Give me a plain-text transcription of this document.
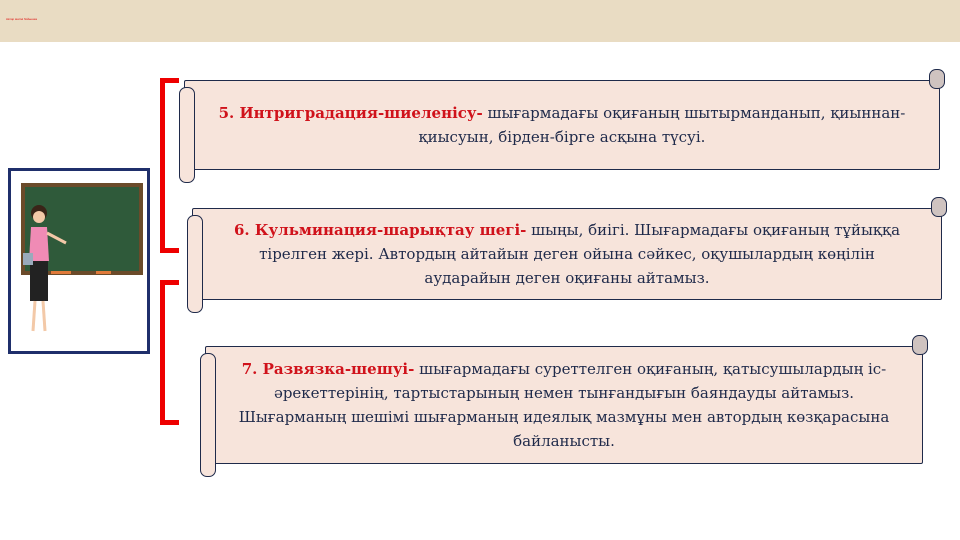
Автор мәтіні бойынша
5. Интриградация-шиеленісу- шығармадағы оқиғаның шытырманданып, қиыннан-қиысуын, бірден-бірге асқына түсуі.
6. Кульминация-шарықтау шегі- шыңы, биігі. Шығармадағы оқиғаның тұйыққа тірелген жері. Автордың айтайын деген ойына сәйкес, оқушылардың көңілін аударайын деген оқиғаны айтамыз.
7. Развязка-шешуі- шығармадағы суреттелген оқиғаның, қатысушылардың іс-әрекеттерінің, тартыстарының немен тынғандығын баяндауды айтамыз. Шығарманың шешімі шығарманың идеялық мазмұны мен автордың көзқарасына байланысты.
